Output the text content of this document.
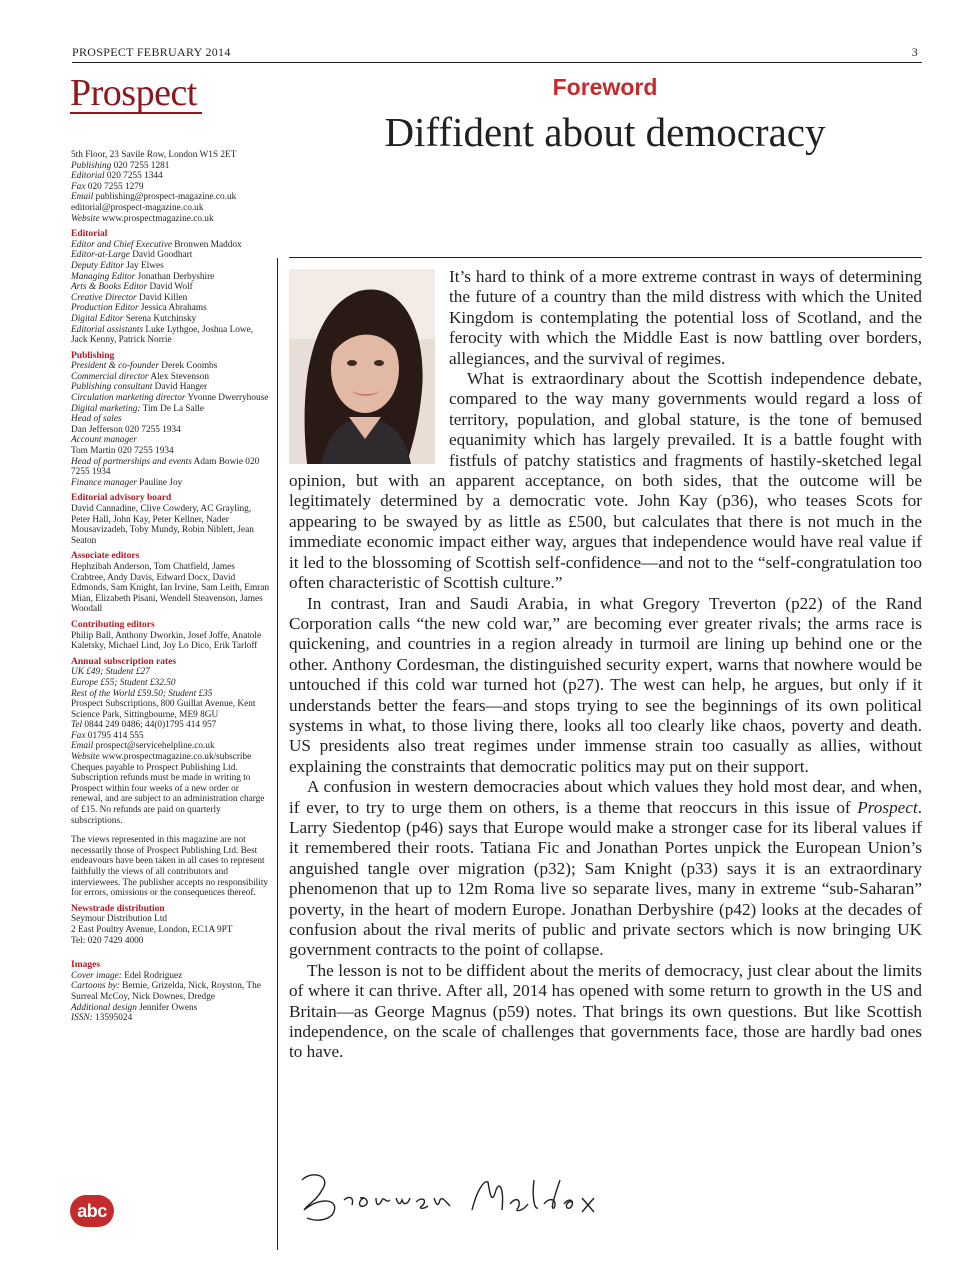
PROSPECT FEBRUARY 2014	3
Prospect
5th Floor, 23 Savile Row, London W1S 2ET
Publishing 020 7255 1281
Editorial 020 7255 1344
Fax 020 7255 1279
Email publishing@prospect-magazine.co.uk
editorial@prospect-magazine.co.uk
Website www.prospectmagazine.co.uk
Editorial
Editor and Chief Executive Bronwen Maddox
Editor-at-Large David Goodhart
Deputy Editor Jay Elwes
Managing Editor Jonathan Derbyshire
Arts & Books Editor David Wolf
Creative Director David Killen
Production Editor Jessica Abrahams
Digital Editor Serena Kutchinsky
Editorial assistants Luke Lythgoe, Joshua Lowe, Jack Kenny, Patrick Norrie
Publishing
President & co-founder Derek Coombs
Commercial director Alex Stevenson
Publishing consultant David Hanger
Circulation marketing director Yvonne Dwerryhouse
Digital marketing: Tim De La Salle
Head of sales
Dan Jefferson 020 7255 1934
Account manager
Tom Martin 020 7255 1934
Head of partnerships and events Adam Bowie 020 7255 1934
Finance manager Pauline Joy
Editorial advisory board
David Cannadine, Clive Cowdery, AC Grayling, Peter Hall, John Kay, Peter Kellner, Nader Mousavizadeh, Toby Mundy, Robin Niblett, Jean Seaton
Associate editors
Hephzibah Anderson, Tom Chatfield, James Crabtree, Andy Davis, Edward Docx, David Edmonds, Sam Knight, Ian Irvine, Sam Leith, Emran Mian, Elizabeth Pisani, Wendell Steavenson, James Woodall
Contributing editors
Philip Ball, Anthony Dworkin, Josef Joffe, Anatole Kaletsky, Michael Lind, Joy Lo Dico, Erik Tarloff
Annual subscription rates
UK £49; Student £27
Europe £55; Student £32.50
Rest of the World £59.50; Student £35
Prospect Subscriptions, 800 Guillat Avenue, Kent Science Park, Sittingbourne, ME9 8GU
Tel 0844 249 0486; 44(0)1795 414 957
Fax 01795 414 555
Email prospect@servicehelpline.co.uk
Website www.prospectmagazine.co.uk/subscribe
Cheques payable to Prospect Publishing Ltd. Subscription refunds must be made in writing to Prospect within four weeks of a new order or renewal, and are subject to an administration charge of £15. No refunds are paid on quarterly subscriptions.
The views represented in this magazine are not necessarily those of Prospect Publishing Ltd. Best endeavours have been taken in all cases to represent faithfully the views of all contributors and interviewees. The publisher accepts no responsibility for errors, omissions or the consequences thereof.
Newstrade distribution
Seymour Distribution Ltd
2 East Poultry Avenue, London, EC1A 9PT
Tel: 020 7429 4000
Images
Cover image: Edel Rodriguez
Cartoons by: Bernie, Grizelda, Nick, Royston, The Surreal McCoy, Nick Downes, Dredge
Additional design Jennifer Owens
ISSN: 13595024
abc
Foreword
Diffident about democracy

It’s hard to think of a more extreme contrast in ways of determining the future of a country than the mild distress with which the United Kingdom is contemplating the potential loss of Scotland, and the ferocity with which the Middle East is now battling over borders, allegiances, and the survival of regimes.

What is extraordinary about the Scottish independence debate, compared to the way many governments would regard a loss of territory, population, and global stature, is the tone of bemused equanimity which has largely prevailed. It is a battle fought with fistfuls of patchy statistics and fragments of hastily-sketched legal opinion, but with an apparent acceptance, on both sides, that the outcome will be legitimately determined by a democratic vote. John Kay (p36), who teases Scots for appearing to be swayed by as little as £500, but calculates that there is not much in the immediate economic impact either way, argues that independence would have real value if it led to the blossoming of Scottish self-confidence—and not to the “self-congratulation too often characteristic of Scottish culture.”

In contrast, Iran and Saudi Arabia, in what Gregory Treverton (p22) of the Rand Corporation calls “the new cold war,” are becoming ever greater rivals; the arms race is quickening, and countries in a region already in turmoil are lining up behind one or the other. Anthony Cordesman, the distinguished security expert, warns that nowhere would be untouched if this cold war turned hot (p27). The west can help, he argues, but only if it understands better the fears—and stops trying to see the beginnings of its own political systems in what, to those living there, looks all too clearly like chaos, poverty and death. US presidents also treat regimes under immense strain too casually as allies, without explaining the constraints that democratic politics may put on their support.

A confusion in western democracies about which values they hold most dear, and when, if ever, to try to urge them on others, is a theme that reoccurs in this issue of Prospect. Larry Siedentop (p46) says that Europe would make a stronger case for its liberal values if it remembered their roots. Tatiana Fic and Jonathan Portes unpick the European Union’s anguished tangle over migration (p32); Sam Knight (p33) says it is an extraordinary phenomenon that up to 12m Roma live so separate lives, many in extreme “sub-Saharan” poverty, in the heart of modern Europe. Jonathan Derbyshire (p42) looks at the decades of confusion about the rival merits of public and private sectors which is now bringing UK government contracts to the point of collapse.

The lesson is not to be diffident about the merits of democracy, just clear about the limits of where it can thrive. After all, 2014 has opened with some return to growth in the US and Britain—as George Magnus (p59) notes. That brings its own questions. But like Scottish independence, on the scale of challenges that governments face, those are hardly bad ones to have.
